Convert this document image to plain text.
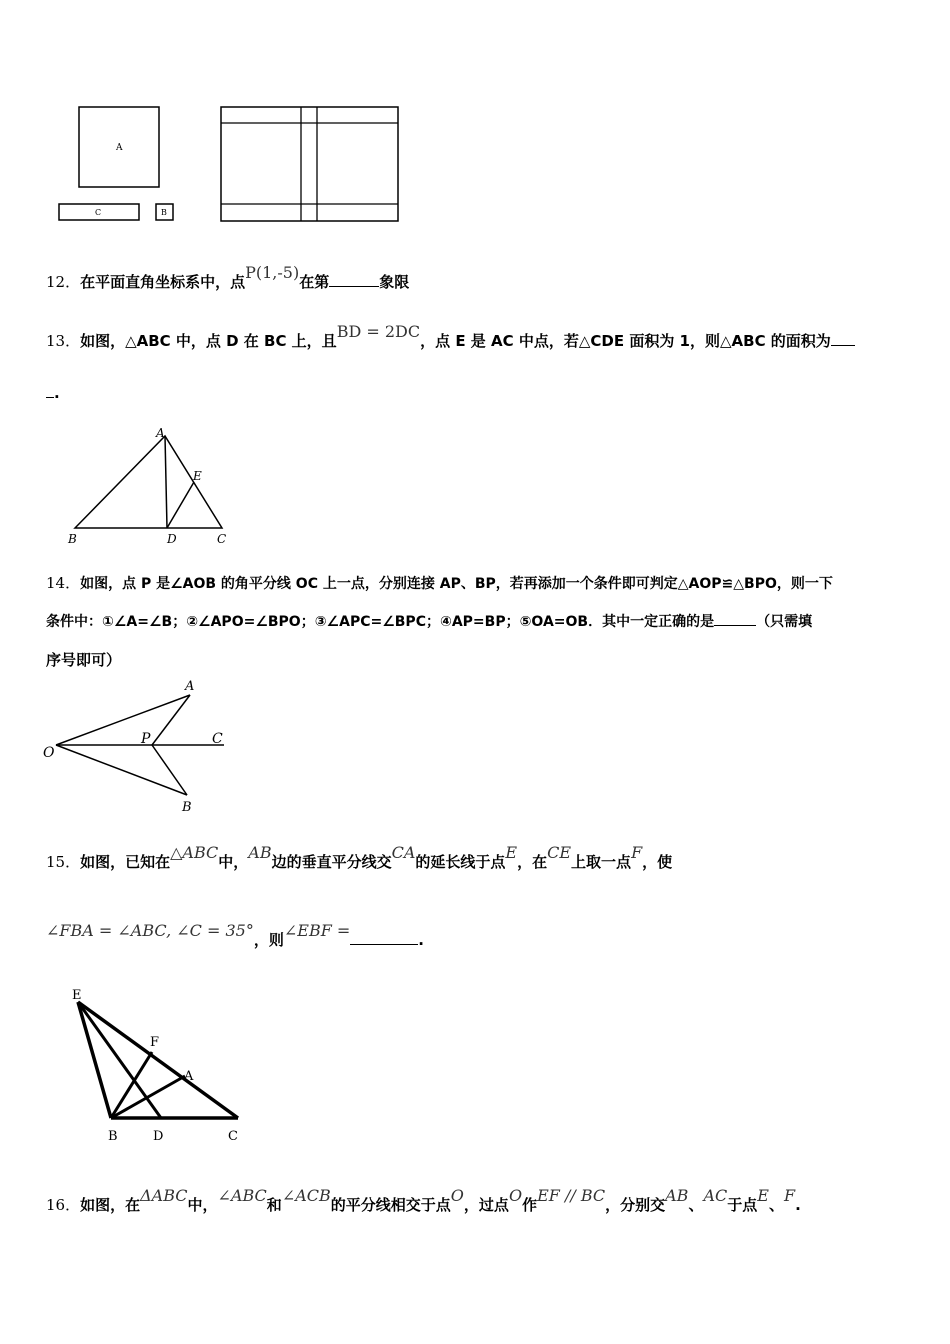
A
C	B
12．在平面直角坐标系中，点P(1,-5)在第	象限
13．如图，△ABC 中，点 D 在 BC 上，且BD = 2DC，点 E 是 AC 中点，若△CDE 面积为 1，则△ABC 的面积为
.
A
E
B	D	C
14．如图，点 P 是∠AOB 的角平分线 OC 上一点，分别连接 AP、BP，若再添加一个条件即可判定△AOP≌△BPO，则一下
条件中：①∠A=∠B；②∠APO=∠BPO；③∠APC=∠BPC；④AP=BP；⑤OA=OB．其中一定正确的是	（只需填
序号即可）
O
A
P	C
B
15．如图，已知在△ABC中，AB边的垂直平分线交CA的延长线于点E，在CE上取一点F，使
∠FBA = ∠ABC, ∠C = 35°，则∠EBF =	.
E
F
A
B	D	C
16．如图，在ΔABC中，∠ABC和∠ACB的平分线相交于点O，过点O作EF // BC，分别交AB、AC于点E、F.
